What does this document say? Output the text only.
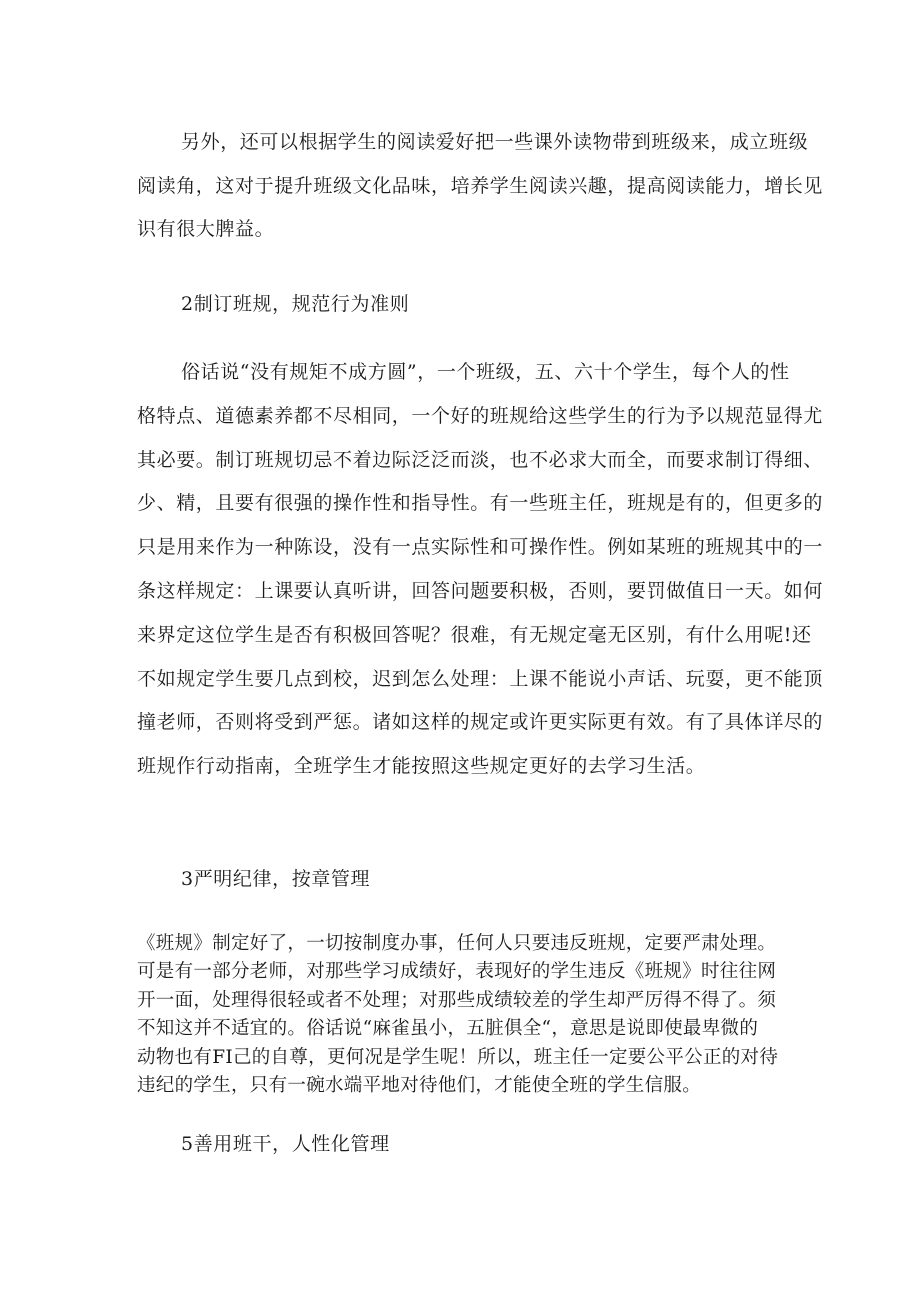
另外，还可以根据学生的阅读爱好把一些课外读物带到班级来，成立班级
阅读角，这对于提升班级文化品味，培养学生阅读兴趣，提高阅读能力，增长见
识有很大脾益。
2制订班规，规范行为准则
俗话说“没有规矩不成方圆”，一个班级，五、六十个学生，每个人的性
格特点、道德素养都不尽相同，一个好的班规给这些学生的行为予以规范显得尤
其必要。制订班规切忌不着边际泛泛而淡，也不必求大而全，而要求制订得细、
少、精，且要有很强的操作性和指导性。有一些班主任，班规是有的，但更多的
只是用来作为一种陈设，没有一点实际性和可操作性。例如某班的班规其中的一
条这样规定：上课要认真听讲，回答问题要积极，否则，要罚做值日一天。如何
来界定这位学生是否有积极回答呢？很难，有无规定毫无区别，有什么用呢!还
不如规定学生要几点到校，迟到怎么处理：上课不能说小声话、玩耍，更不能顶
撞老师，否则将受到严惩。诸如这样的规定或许更实际更有效。有了具体详尽的
班规作行动指南，全班学生才能按照这些规定更好的去学习生活。
3严明纪律，按章管理
《班规》制定好了，一切按制度办事，任何人只要违反班规，定要严肃处理。
可是有一部分老师，对那些学习成绩好，表现好的学生违反《班规》时往往网
开一面，处理得很轻或者不处理；对那些成绩较差的学生却严厉得不得了。须
不知这并不适宜的。俗话说“麻雀虽小，五脏俱全“，意思是说即使最卑微的
动物也有FI己的自尊，更何况是学生呢！所以，班主任一定要公平公正的对待
违纪的学生，只有一碗水端平地对待他们，才能使全班的学生信服。
5善用班干，人性化管理
